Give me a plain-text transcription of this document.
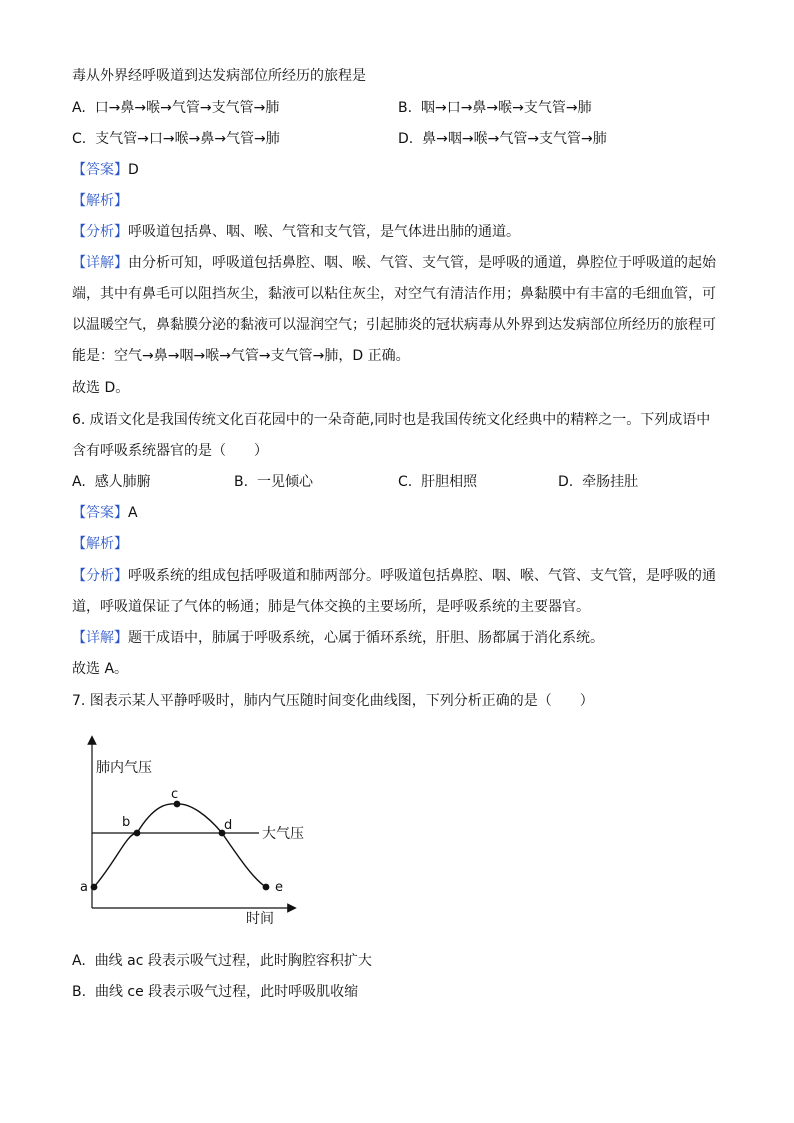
毒从外界经呼吸道到达发病部位所经历的旅程是
A. 口→鼻→喉→气管→支气管→肺	B. 咽→口→鼻→喉→支气管→肺
C. 支气管→口→喉→鼻→气管→肺	D. 鼻→咽→喉→气管→支气管→肺
【答案】D
【解析】
【分析】呼吸道包括鼻、咽、喉、气管和支气管，是气体进出肺的通道。
【详解】由分析可知，呼吸道包括鼻腔、咽、喉、气管、支气管，是呼吸的通道，鼻腔位于呼吸道的起始
端，其中有鼻毛可以阻挡灰尘，黏液可以粘住灰尘，对空气有清洁作用；鼻黏膜中有丰富的毛细血管，可
以温暖空气，鼻黏膜分泌的黏液可以湿润空气；引起肺炎的冠状病毒从外界到达发病部位所经历的旅程可
能是：空气→鼻→咽→喉→气管→支气管→肺，D 正确。
故选 D。
6. 成语文化是我国传统文化百花园中的一朵奇葩,同时也是我国传统文化经典中的精粹之一。下列成语中
含有呼吸系统器官的是（　　）
A. 感人肺腑	B. 一见倾心	C. 肝胆相照	D. 牵肠挂肚
【答案】A
【解析】
【分析】呼吸系统的组成包括呼吸道和肺两部分。呼吸道包括鼻腔、咽、喉、气管、支气管，是呼吸的通
道，呼吸道保证了气体的畅通；肺是气体交换的主要场所，是呼吸系统的主要器官。
【详解】题干成语中，肺属于呼吸系统，心属于循环系统，肝胆、肠都属于消化系统。
故选 A。
7. 图表示某人平静呼吸时，肺内气压随时间变化曲线图，下列分析正确的是（　　）
肺内气压
时间
大气压
a
b
c
d
e
A. 曲线 ac 段表示吸气过程，此时胸腔容积扩大
B. 曲线 ce 段表示吸气过程，此时呼吸肌收缩
